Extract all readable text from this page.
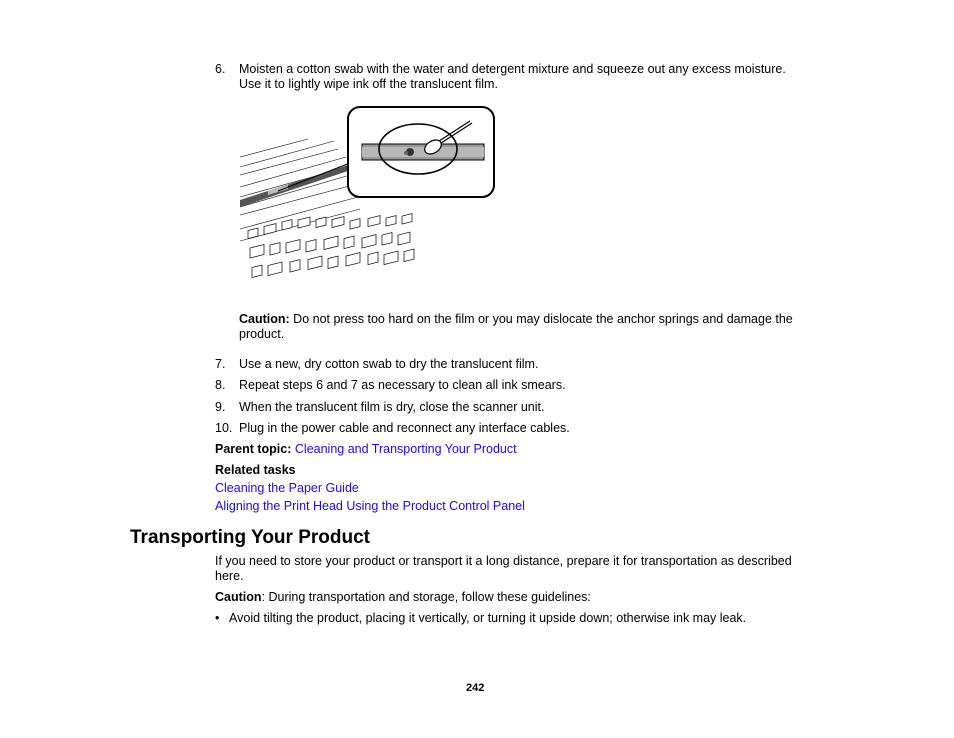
6.	Moisten a cotton swab with the water and detergent mixture and squeeze out any excess moisture.
Use it to lightly wipe ink off the translucent film.
Caution: Do not press too hard on the film or you may dislocate the anchor springs and damage the
product.
7. Use a new, dry cotton swab to dry the translucent film.
8. Repeat steps 6 and 7 as necessary to clean all ink smears.
9. When the translucent film is dry, close the scanner unit.
10. Plug in the power cable and reconnect any interface cables.
Parent topic: Cleaning and Transporting Your Product
Related tasks
Cleaning the Paper Guide
Aligning the Print Head Using the Product Control Panel
Transporting Your Product
If you need to store your product or transport it a long distance, prepare it for transportation as described
here.
Caution: During transportation and storage, follow these guidelines:
• Avoid tilting the product, placing it vertically, or turning it upside down; otherwise ink may leak.
242
